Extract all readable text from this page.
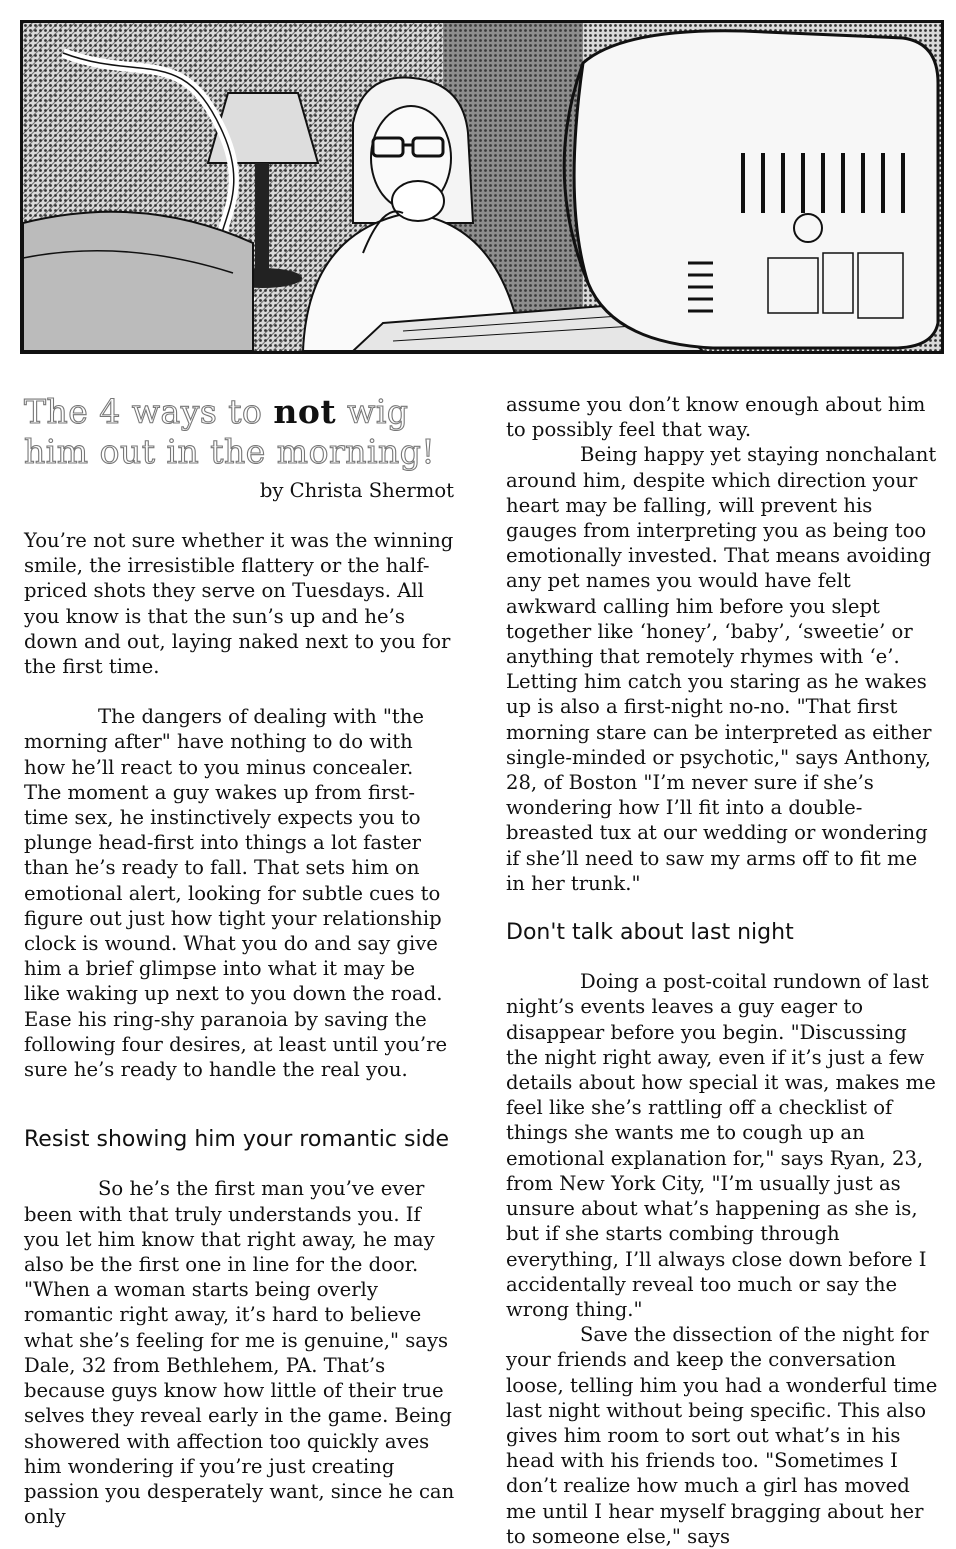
The 4 ways to not wig him out in the morning!
by Christa Shermot

You’re not sure whether it was the winning smile, the irresistible flattery or the half-priced shots they serve on Tuesdays. All you know is that the sun’s up and he’s down and out, laying naked next to you for the first time.

The dangers of dealing with "the morning after" have nothing to do with how he’ll react to you minus concealer. The moment a guy wakes up from first-time sex, he instinctively expects you to plunge head-first into things a lot faster than he’s ready to fall. That sets him on emotional alert, looking for subtle cues to figure out just how tight your relationship clock is wound. What you do and say give him a brief glimpse into what it may be like waking up next to you down the road. Ease his ring-shy paranoia by saving the following four desires, at least until you’re sure he’s ready to handle the real you.

Resist showing him your romantic side

So he’s the first man you’ve ever been with that truly understands you. If you let him know that right away, he may also be the first one in line for the door. "When a woman starts being overly romantic right away, it’s hard to believe what she’s feeling for me is genuine," says Dale, 32 from Bethlehem, PA. That’s because guys know how little of their true selves they reveal early in the game. Being showered with affection too quickly aves him wondering if you’re just creating passion you desperately want, since he can only

assume you don’t know enough about him to possibly feel that way.

Being happy yet staying nonchalant around him, despite which direction your heart may be falling, will prevent his gauges from interpreting you as being too emotionally invested. That means avoiding any pet names you would have felt awkward calling him before you slept together like ‘honey’, ‘baby’, ‘sweetie’ or anything that remotely rhymes with ‘e’. Letting him catch you staring as he wakes up is also a first-night no-no. "That first morning stare can be interpreted as either single-minded or psychotic," says Anthony, 28, of Boston "I’m never sure if she’s wondering how I’ll fit into a double-breasted tux at our wedding or wondering if she’ll need to saw my arms off to fit me in her trunk."

Don't talk about last night

Doing a post-coital rundown of last night’s events leaves a guy eager to disappear before you begin. "Discussing the night right away, even if it’s just a few details about how special it was, makes me feel like she’s rattling off a checklist of things she wants me to cough up an emotional explanation for," says Ryan, 23, from New York City, "I’m usually just as unsure about what’s happening as she is, but if she starts combing through everything, I’ll always close down before I accidentally reveal too much or say the wrong thing."

Save the dissection of the night for your friends and keep the conversation loose, telling him you had a wonderful time last night without being specific. This also gives him room to sort out what’s in his head with his friends too. "Sometimes I don’t realize how much a girl has moved me until I hear myself bragging about her to someone else," says
